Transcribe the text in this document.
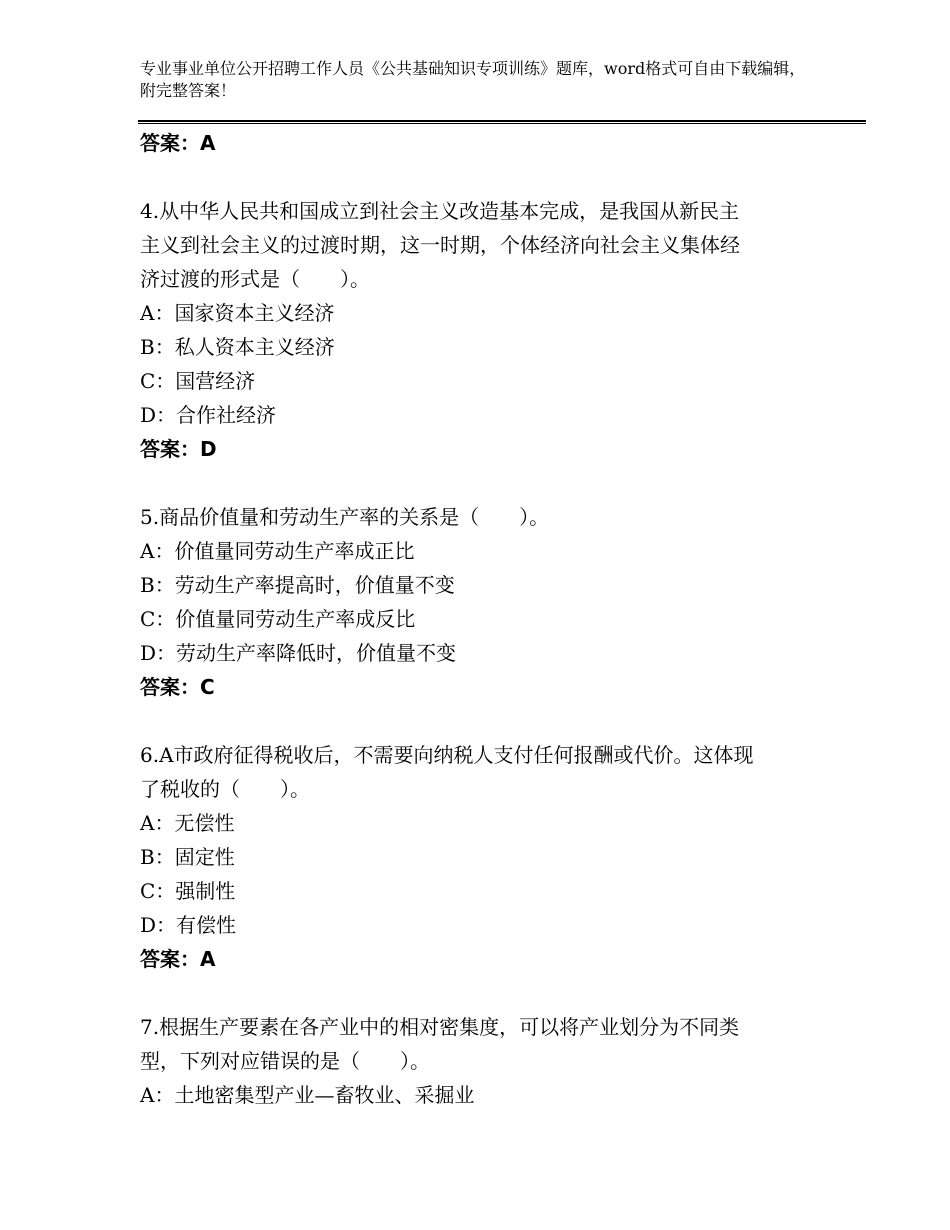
专业事业单位公开招聘工作人员《公共基础知识专项训练》题库，word格式可自由下载编辑，附完整答案！
答案：A
4.从中华人民共和国成立到社会主义改造基本完成，是我国从新民主
主义到社会主义的过渡时期，这一时期，个体经济向社会主义集体经
济过渡的形式是（　　）。
A：国家资本主义经济
B：私人资本主义经济
C：国营经济
D：合作社经济
答案：D
5.商品价值量和劳动生产率的关系是（　　）。
A：价值量同劳动生产率成正比
B：劳动生产率提高时，价值量不变
C：价值量同劳动生产率成反比
D：劳动生产率降低时，价值量不变
答案：C
6.A市政府征得税收后，不需要向纳税人支付任何报酬或代价。这体现
了税收的（　　）。
A：无偿性
B：固定性
C：强制性
D：有偿性
答案：A
7.根据生产要素在各产业中的相对密集度，可以将产业划分为不同类
型，下列对应错误的是（　　）。
A：土地密集型产业—畜牧业、采掘业
